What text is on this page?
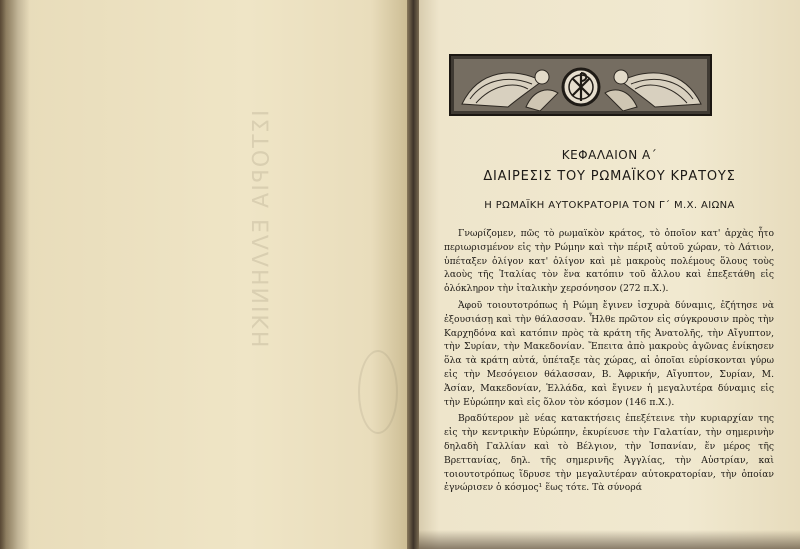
ΙΣΤΟΡΙΑ ΕΛΛΗΝΙΚΗ	ΚΕΦΑΛΑΙΟΝ Α΄
ΔΙΑΙΡΕΣΙΣ ΤΟΥ ΡΩΜΑΪΚΟΥ ΚΡΑΤΟΥΣ
Η ΡΩΜΑΪΚΗ ΑΥΤΟΚΡΑΤΟΡΙΑ ΤΟΝ Γ΄ Μ.Χ. ΑΙΩΝΑ

Γνωρίζομεν, πῶς τὸ ρωμαϊκὸν κράτος, τὸ ὁποῖον κατ' ἀρχὰς ἦτο περιωρισμένον εἰς τὴν Ρώμην καὶ τὴν πέριξ αὐτοῦ χώραν, τὸ Λάτιον, ὑπέταξεν ὀλίγον κατ' ὀλίγον καὶ μὲ μακροὺς πολέμους ὅλους τοὺς λαοὺς τῆς Ἰταλίας τὸν ἕνα κατόπιν τοῦ ἄλλου καὶ ἐπεξετάθη εἰς ὁλόκληρον τὴν ἰταλικὴν χερσόνησον (272 π.Χ.).

Ἀφοῦ τοιουτοτρόπως ἡ Ρώμη ἔγινεν ἰσχυρὰ δύναμις, ἐζήτησε νὰ ἐξουσιάσῃ καὶ τὴν θάλασσαν. Ἦλθε πρῶτον εἰς σύγκρουσιν πρὸς τὴν Καρχηδόνα καὶ κατόπιν πρὸς τὰ κράτη τῆς Ἀνατολῆς, τὴν Αἴγυπτον, τὴν Συρίαν, τὴν Μακεδονίαν. Ἔπειτα ἀπὸ μακροὺς ἀγῶνας ἐνίκησεν ὅλα τὰ κράτη αὐτά, ὑπέταξε τὰς χώρας, αἱ ὁποῖαι εὑρίσκονται γύρω εἰς τὴν Μεσόγειον θάλασσαν, Β. Ἀφρικήν, Αἴγυπτον, Συρίαν, Μ. Ἀσίαν, Μακεδονίαν, Ἑλλάδα, καὶ ἔγινεν ἡ μεγαλυτέρα δύναμις εἰς τὴν Εὐρώπην καὶ εἰς ὅλον τὸν κόσμον (146 π.Χ.).

Βραδύτερον μὲ νέας κατακτήσεις ἐπεξέτεινε τὴν κυριαρχίαν της εἰς τὴν κεντρικὴν Εὐρώπην, ἐκυρίευσε τὴν Γαλατίαν, τὴν σημερινὴν δηλαδὴ Γαλλίαν καὶ τὸ Βέλγιον, τὴν Ἰσπανίαν, ἕν μέρος τῆς Βρεττανίας, δηλ. τῆς σημερινῆς Ἀγγλίας, τὴν Αὐστρίαν, καὶ τοιουτοτρόπως ἵδρυσε τὴν μεγαλυτέραν αὐτοκρατορίαν, τὴν ὁποίαν ἐγνώρισεν ὁ κόσμος¹ ἕως τότε. Τὰ σύνορά
